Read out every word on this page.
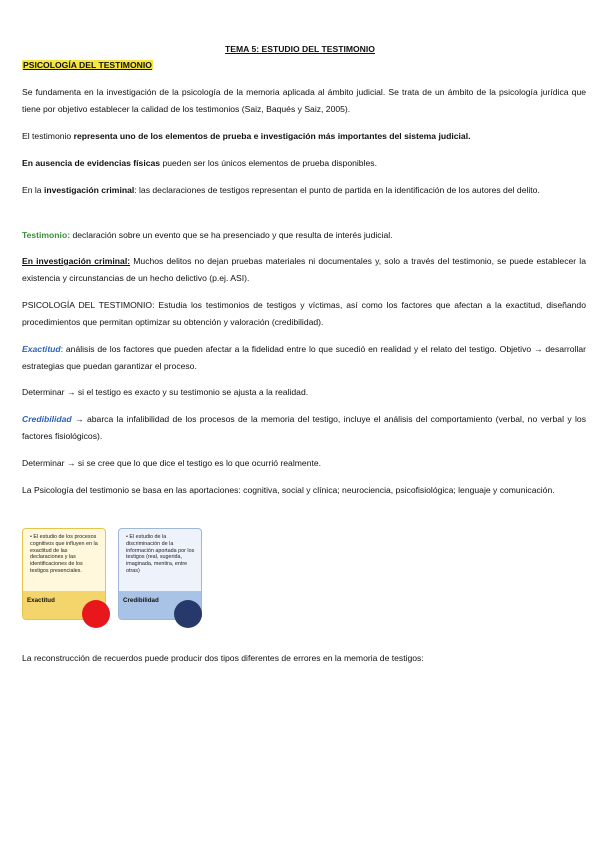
TEMA 5: ESTUDIO DEL TESTIMONIO
PSICOLOGÍA DEL TESTIMONIO

Se fundamenta en la investigación de la psicología de la memoria aplicada al ámbito judicial. Se trata de un ámbito de la psicología jurídica que tiene por objetivo establecer la calidad de los testimonios (Saiz, Baqués y Saiz, 2005).

El testimonio representa uno de los elementos de prueba e investigación más importantes del sistema judicial.

En ausencia de evidencias físicas pueden ser los únicos elementos de prueba disponibles.

En la investigación criminal: las declaraciones de testigos representan el punto de partida en la identificación de los autores del delito.

Testimonio: declaración sobre un evento que se ha presenciado y que resulta de interés judicial.

En investigación criminal: Muchos delitos no dejan pruebas materiales ni documentales y, solo a través del testimonio, se puede establecer la existencia y circunstancias de un hecho delictivo (p.ej. ASI).

PSICOLOGÍA DEL TESTIMONIO: Estudia los testimonios de testigos y víctimas, así como los factores que afectan a la exactitud, diseñando procedimientos que permitan optimizar su obtención y valoración (credibilidad).

Exactitud: análisis de los factores que pueden afectar a la fidelidad entre lo que sucedió en realidad y el relato del testigo. Objetivo → desarrollar estrategias que puedan garantizar el proceso.

Determinar → si el testigo es exacto y su testimonio se ajusta a la realidad.

Credibilidad → abarca la infalibilidad de los procesos de la memoria del testigo, incluye el análisis del comportamiento (verbal, no verbal y los factores fisiológicos).

Determinar → si se cree que lo que dice el testigo es lo que ocurrió realmente.

La Psicología del testimonio se basa en las aportaciones: cognitiva, social y clínica; neurociencia, psicofisiológica; lenguaje y comunicación.

• El estudio de los procesos cognitivos que influyen en la exactitud de las declaraciones y las identificaciones de los testigos presenciales.
Exactitud
• El estudio de la discriminación de la información aportada por los testigos (real, sugerida, imaginada, mentira, entre otras)
Credibilidad

La reconstrucción de recuerdos puede producir dos tipos diferentes de errores en la memoria de testigos:
